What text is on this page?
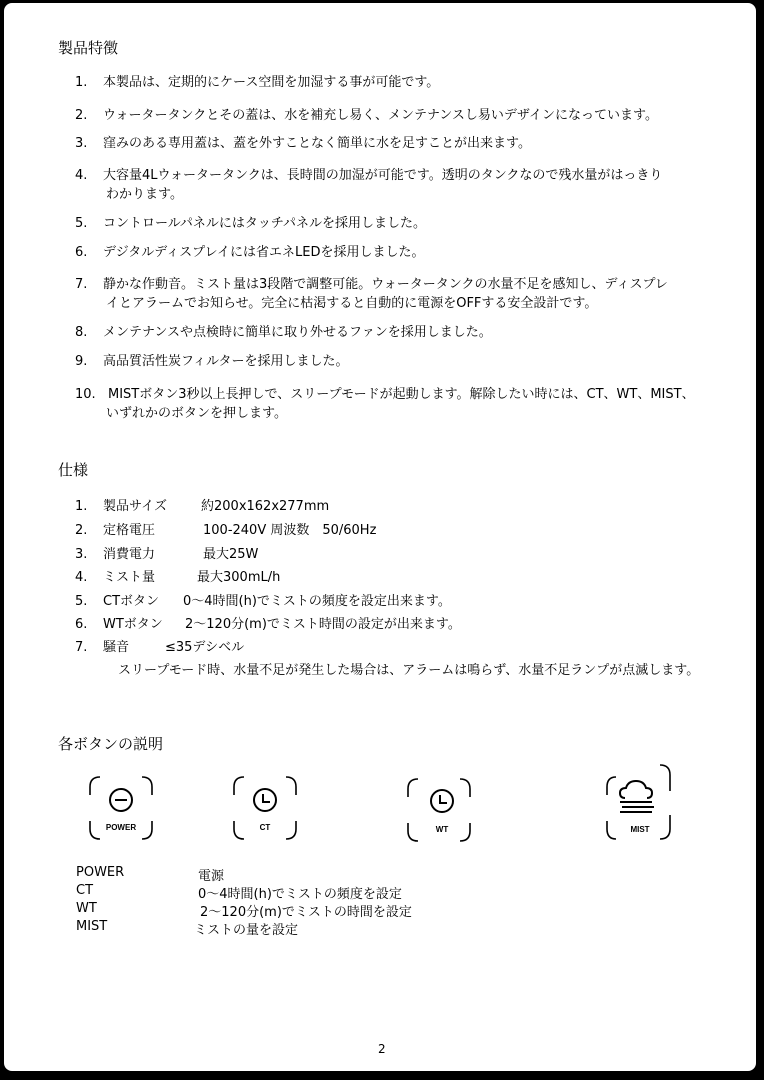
製品特徴
1. 本製品は、定期的にケース空間を加湿する事が可能です。
2. ウォータータンクとその蓋は、水を補充し易く、メンテナンスし易いデザインになっています。
3. 窪みのある専用蓋は、蓋を外すことなく簡単に水を足すことが出来ます。
4. 大容量4Lウォータータンクは、長時間の加湿が可能です。透明のタンクなので残水量がはっきり
わかります。
5. コントロールパネルにはタッチパネルを採用しました。
6. デジタルディスプレイには省エネLEDを採用しました。
7. 静かな作動音。ミスト量は3段階で調整可能。ウォータータンクの水量不足を感知し、ディスプレ
イとアラームでお知らせ。完全に枯渇すると自動的に電源をOFFする安全設計です。
8. メンテナンスや点検時に簡単に取り外せるファンを採用しました。
9. 高品質活性炭フィルターを採用しました。
10. MISTボタン3秒以上長押しで、スリープモードが起動します。解除したい時には、CT、WT、MIST、
いずれかのボタンを押します。
仕様
1. 製品サイズ	約200x162x277mm
2. 定格電圧	100-240V 周波数　50/60Hz
3. 消費電力	最大25W
4. ミスト量	最大300mL/h
5. CTボタン 0〜4時間(h)でミストの頻度を設定出来ます。
6. WTボタン 2〜120分(m)でミスト時間の設定が出来ます。
7. 騒音	≤35デシベル
スリープモード時、水量不足が発生した場合は、アラームは鳴らず、水量不足ランプが点滅します。
各ボタンの説明
POWER	CT	WT	MIST
POWER	電源
CT	0〜4時間(h)でミストの頻度を設定
WT	2〜120分(m)でミストの時間を設定
MIST	ミストの量を設定
2
